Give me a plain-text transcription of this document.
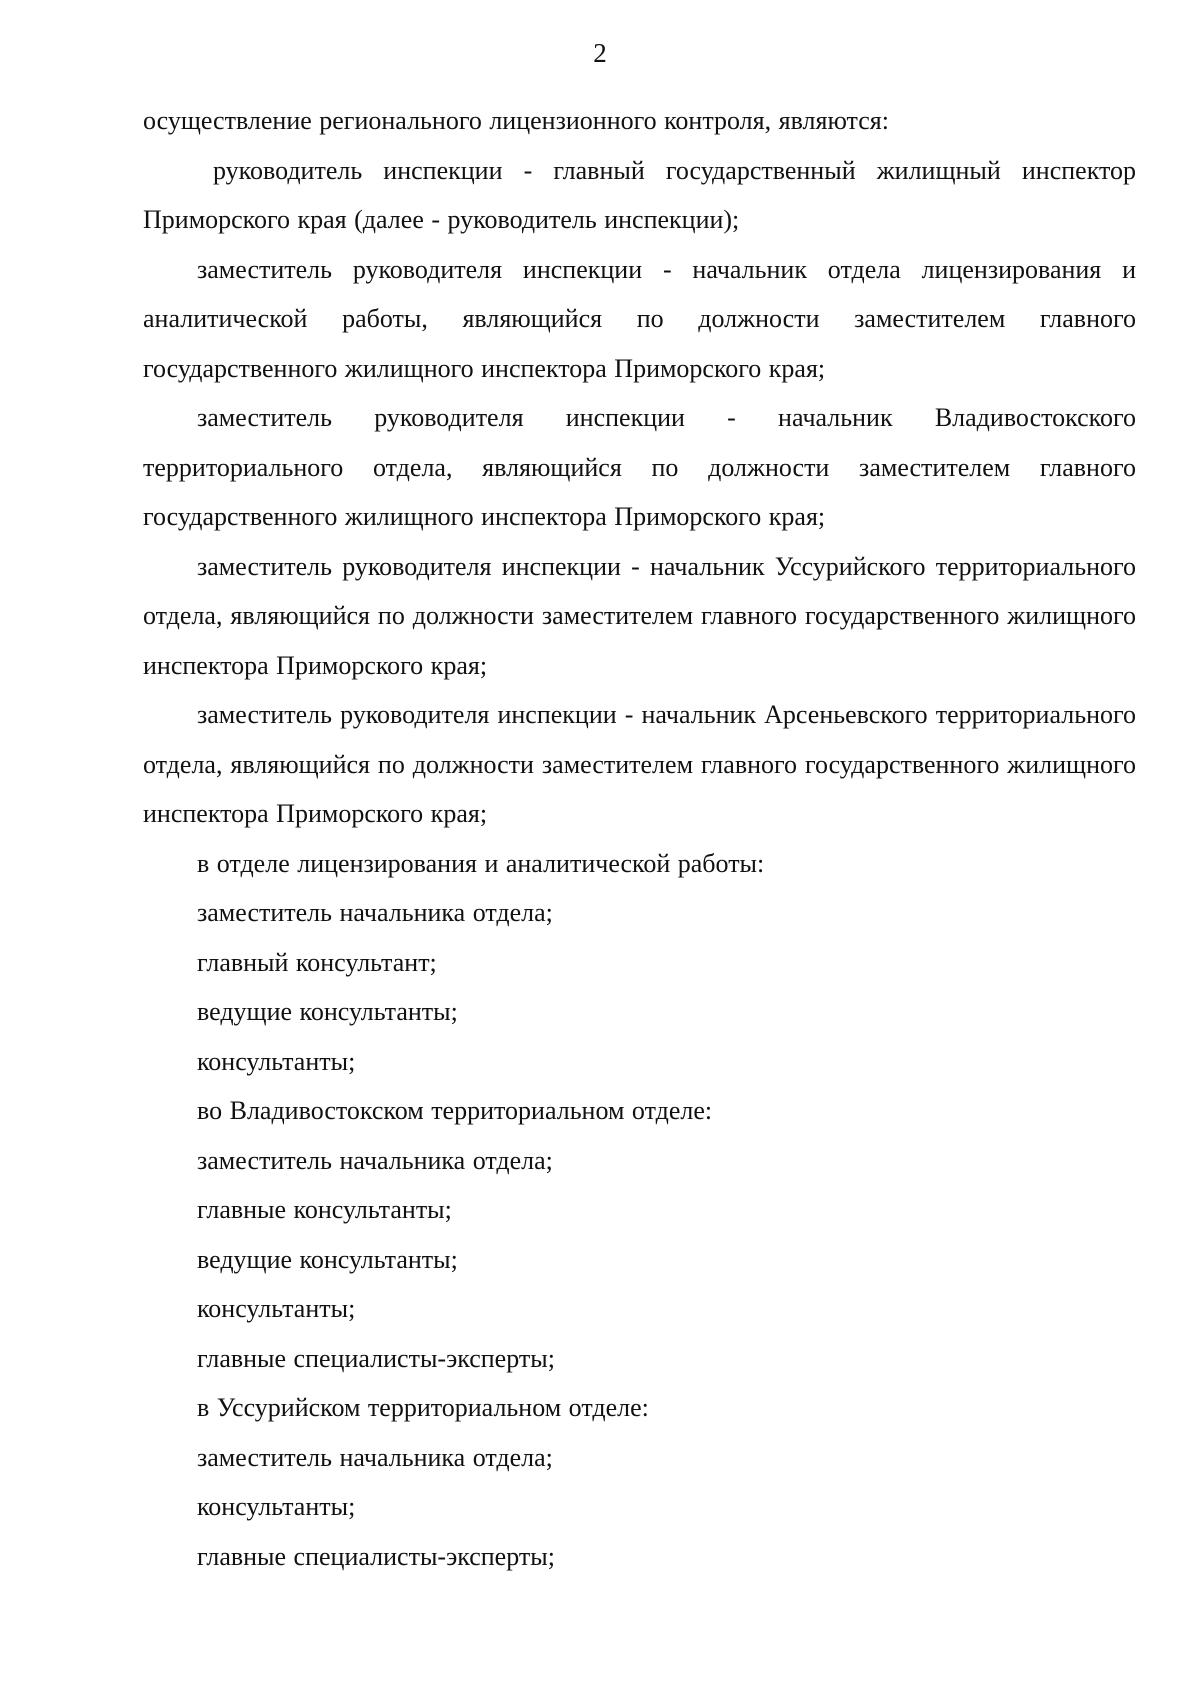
2

осуществление регионального лицензионного контроля, являются:

руководитель инспекции - главный государственный жилищный инспектор Приморского края (далее - руководитель инспекции);

заместитель руководителя инспекции - начальник отдела лицензирования и аналитической работы, являющийся по должности заместителем главного государственного жилищного инспектора Приморского края;

заместитель руководителя инспекции - начальник Владивостокского территориального отдела, являющийся по должности заместителем главного государственного жилищного инспектора Приморского края;

заместитель руководителя инспекции - начальник Уссурийского территориального отдела, являющийся по должности заместителем главного государственного жилищного инспектора Приморского края;

заместитель руководителя инспекции - начальник Арсеньевского территориального отдела, являющийся по должности заместителем главного государственного жилищного инспектора Приморского края;

в отделе лицензирования и аналитической работы:

заместитель начальника отдела;

главный консультант;

ведущие консультанты;

консультанты;

во Владивостокском территориальном отделе:

заместитель начальника отдела;

главные консультанты;

ведущие консультанты;

консультанты;

главные специалисты-эксперты;

в Уссурийском территориальном отделе:

заместитель начальника отдела;

консультанты;

главные специалисты-эксперты;
